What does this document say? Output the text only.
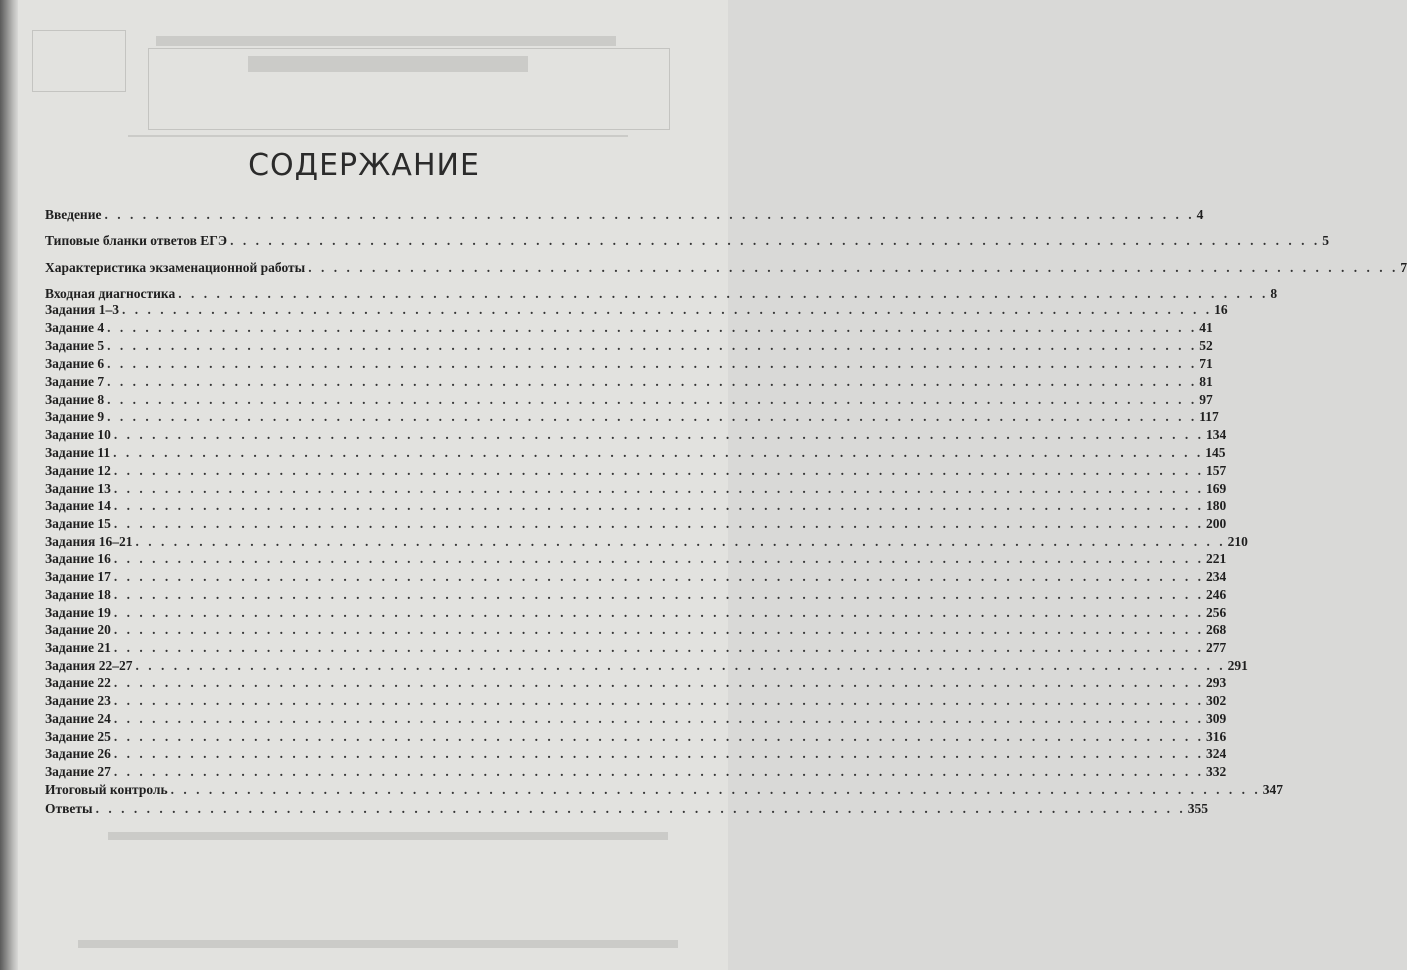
СОДЕРЖАНИЕ
Введение . . . . . . . . . . . . . . . . . . . . . . . . . . . . . . . . . . . . . . . . . . . . . . . . . . . . . . . . . . . . . . . . . . . . . . . . . . . . . . . . . . . . . . 4
Типовые бланки ответов ЕГЭ . . . . . . . . . . . . . . . . . . . . . . . . . . . . . . . . . . . . . . . . . . . . . . . . . . . . . . . . . . . . . . . . . . . . . . . . . . . . . . . . . . . . . . 5
Характеристика экзаменационной работы . . . . . . . . . . . . . . . . . . . . . . . . . . . . . . . . . . . . . . . . . . . . . . . . . . . . . . . . . . . . . . . . . . . . . . . . . . . . . . . . . . . . . . 7
Входная диагностика . . . . . . . . . . . . . . . . . . . . . . . . . . . . . . . . . . . . . . . . . . . . . . . . . . . . . . . . . . . . . . . . . . . . . . . . . . . . . . . . . . . . . . 8
Задания 1–3 . . . . . . . . . . . . . . . . . . . . . . . . . . . . . . . . . . . . . . . . . . . . . . . . . . . . . . . . . . . . . . . . . . . . . . . . . . . . . . . . . . . . . . 16
Задание 4 . . . . . . . . . . . . . . . . . . . . . . . . . . . . . . . . . . . . . . . . . . . . . . . . . . . . . . . . . . . . . . . . . . . . . . . . . . . . . . . . . . . . . . 41
Задание 5 . . . . . . . . . . . . . . . . . . . . . . . . . . . . . . . . . . . . . . . . . . . . . . . . . . . . . . . . . . . . . . . . . . . . . . . . . . . . . . . . . . . . . . 52
Задание 6 . . . . . . . . . . . . . . . . . . . . . . . . . . . . . . . . . . . . . . . . . . . . . . . . . . . . . . . . . . . . . . . . . . . . . . . . . . . . . . . . . . . . . . 71
Задание 7 . . . . . . . . . . . . . . . . . . . . . . . . . . . . . . . . . . . . . . . . . . . . . . . . . . . . . . . . . . . . . . . . . . . . . . . . . . . . . . . . . . . . . . 81
Задание 8 . . . . . . . . . . . . . . . . . . . . . . . . . . . . . . . . . . . . . . . . . . . . . . . . . . . . . . . . . . . . . . . . . . . . . . . . . . . . . . . . . . . . . . 97
Задание 9 . . . . . . . . . . . . . . . . . . . . . . . . . . . . . . . . . . . . . . . . . . . . . . . . . . . . . . . . . . . . . . . . . . . . . . . . . . . . . . . . . . . . . . 117
Задание 10 . . . . . . . . . . . . . . . . . . . . . . . . . . . . . . . . . . . . . . . . . . . . . . . . . . . . . . . . . . . . . . . . . . . . . . . . . . . . . . . . . . . . . . 134
Задание 11 . . . . . . . . . . . . . . . . . . . . . . . . . . . . . . . . . . . . . . . . . . . . . . . . . . . . . . . . . . . . . . . . . . . . . . . . . . . . . . . . . . . . . . 145
Задание 12 . . . . . . . . . . . . . . . . . . . . . . . . . . . . . . . . . . . . . . . . . . . . . . . . . . . . . . . . . . . . . . . . . . . . . . . . . . . . . . . . . . . . . . 157
Задание 13 . . . . . . . . . . . . . . . . . . . . . . . . . . . . . . . . . . . . . . . . . . . . . . . . . . . . . . . . . . . . . . . . . . . . . . . . . . . . . . . . . . . . . . 169
Задание 14 . . . . . . . . . . . . . . . . . . . . . . . . . . . . . . . . . . . . . . . . . . . . . . . . . . . . . . . . . . . . . . . . . . . . . . . . . . . . . . . . . . . . . . 180
Задание 15 . . . . . . . . . . . . . . . . . . . . . . . . . . . . . . . . . . . . . . . . . . . . . . . . . . . . . . . . . . . . . . . . . . . . . . . . . . . . . . . . . . . . . . 200
Задания 16–21 . . . . . . . . . . . . . . . . . . . . . . . . . . . . . . . . . . . . . . . . . . . . . . . . . . . . . . . . . . . . . . . . . . . . . . . . . . . . . . . . . . . . . . 210
Задание 16 . . . . . . . . . . . . . . . . . . . . . . . . . . . . . . . . . . . . . . . . . . . . . . . . . . . . . . . . . . . . . . . . . . . . . . . . . . . . . . . . . . . . . . 221
Задание 17 . . . . . . . . . . . . . . . . . . . . . . . . . . . . . . . . . . . . . . . . . . . . . . . . . . . . . . . . . . . . . . . . . . . . . . . . . . . . . . . . . . . . . . 234
Задание 18 . . . . . . . . . . . . . . . . . . . . . . . . . . . . . . . . . . . . . . . . . . . . . . . . . . . . . . . . . . . . . . . . . . . . . . . . . . . . . . . . . . . . . . 246
Задание 19 . . . . . . . . . . . . . . . . . . . . . . . . . . . . . . . . . . . . . . . . . . . . . . . . . . . . . . . . . . . . . . . . . . . . . . . . . . . . . . . . . . . . . . 256
Задание 20 . . . . . . . . . . . . . . . . . . . . . . . . . . . . . . . . . . . . . . . . . . . . . . . . . . . . . . . . . . . . . . . . . . . . . . . . . . . . . . . . . . . . . . 268
Задание 21 . . . . . . . . . . . . . . . . . . . . . . . . . . . . . . . . . . . . . . . . . . . . . . . . . . . . . . . . . . . . . . . . . . . . . . . . . . . . . . . . . . . . . . 277
Задания 22–27 . . . . . . . . . . . . . . . . . . . . . . . . . . . . . . . . . . . . . . . . . . . . . . . . . . . . . . . . . . . . . . . . . . . . . . . . . . . . . . . . . . . . . . 291
Задание 22 . . . . . . . . . . . . . . . . . . . . . . . . . . . . . . . . . . . . . . . . . . . . . . . . . . . . . . . . . . . . . . . . . . . . . . . . . . . . . . . . . . . . . . 293
Задание 23 . . . . . . . . . . . . . . . . . . . . . . . . . . . . . . . . . . . . . . . . . . . . . . . . . . . . . . . . . . . . . . . . . . . . . . . . . . . . . . . . . . . . . . 302
Задание 24 . . . . . . . . . . . . . . . . . . . . . . . . . . . . . . . . . . . . . . . . . . . . . . . . . . . . . . . . . . . . . . . . . . . . . . . . . . . . . . . . . . . . . . 309
Задание 25 . . . . . . . . . . . . . . . . . . . . . . . . . . . . . . . . . . . . . . . . . . . . . . . . . . . . . . . . . . . . . . . . . . . . . . . . . . . . . . . . . . . . . . 316
Задание 26 . . . . . . . . . . . . . . . . . . . . . . . . . . . . . . . . . . . . . . . . . . . . . . . . . . . . . . . . . . . . . . . . . . . . . . . . . . . . . . . . . . . . . . 324
Задание 27 . . . . . . . . . . . . . . . . . . . . . . . . . . . . . . . . . . . . . . . . . . . . . . . . . . . . . . . . . . . . . . . . . . . . . . . . . . . . . . . . . . . . . . 332
Итоговый контроль . . . . . . . . . . . . . . . . . . . . . . . . . . . . . . . . . . . . . . . . . . . . . . . . . . . . . . . . . . . . . . . . . . . . . . . . . . . . . . . . . . . . . . 347
Ответы . . . . . . . . . . . . . . . . . . . . . . . . . . . . . . . . . . . . . . . . . . . . . . . . . . . . . . . . . . . . . . . . . . . . . . . . . . . . . . . . . . . . . . 355
